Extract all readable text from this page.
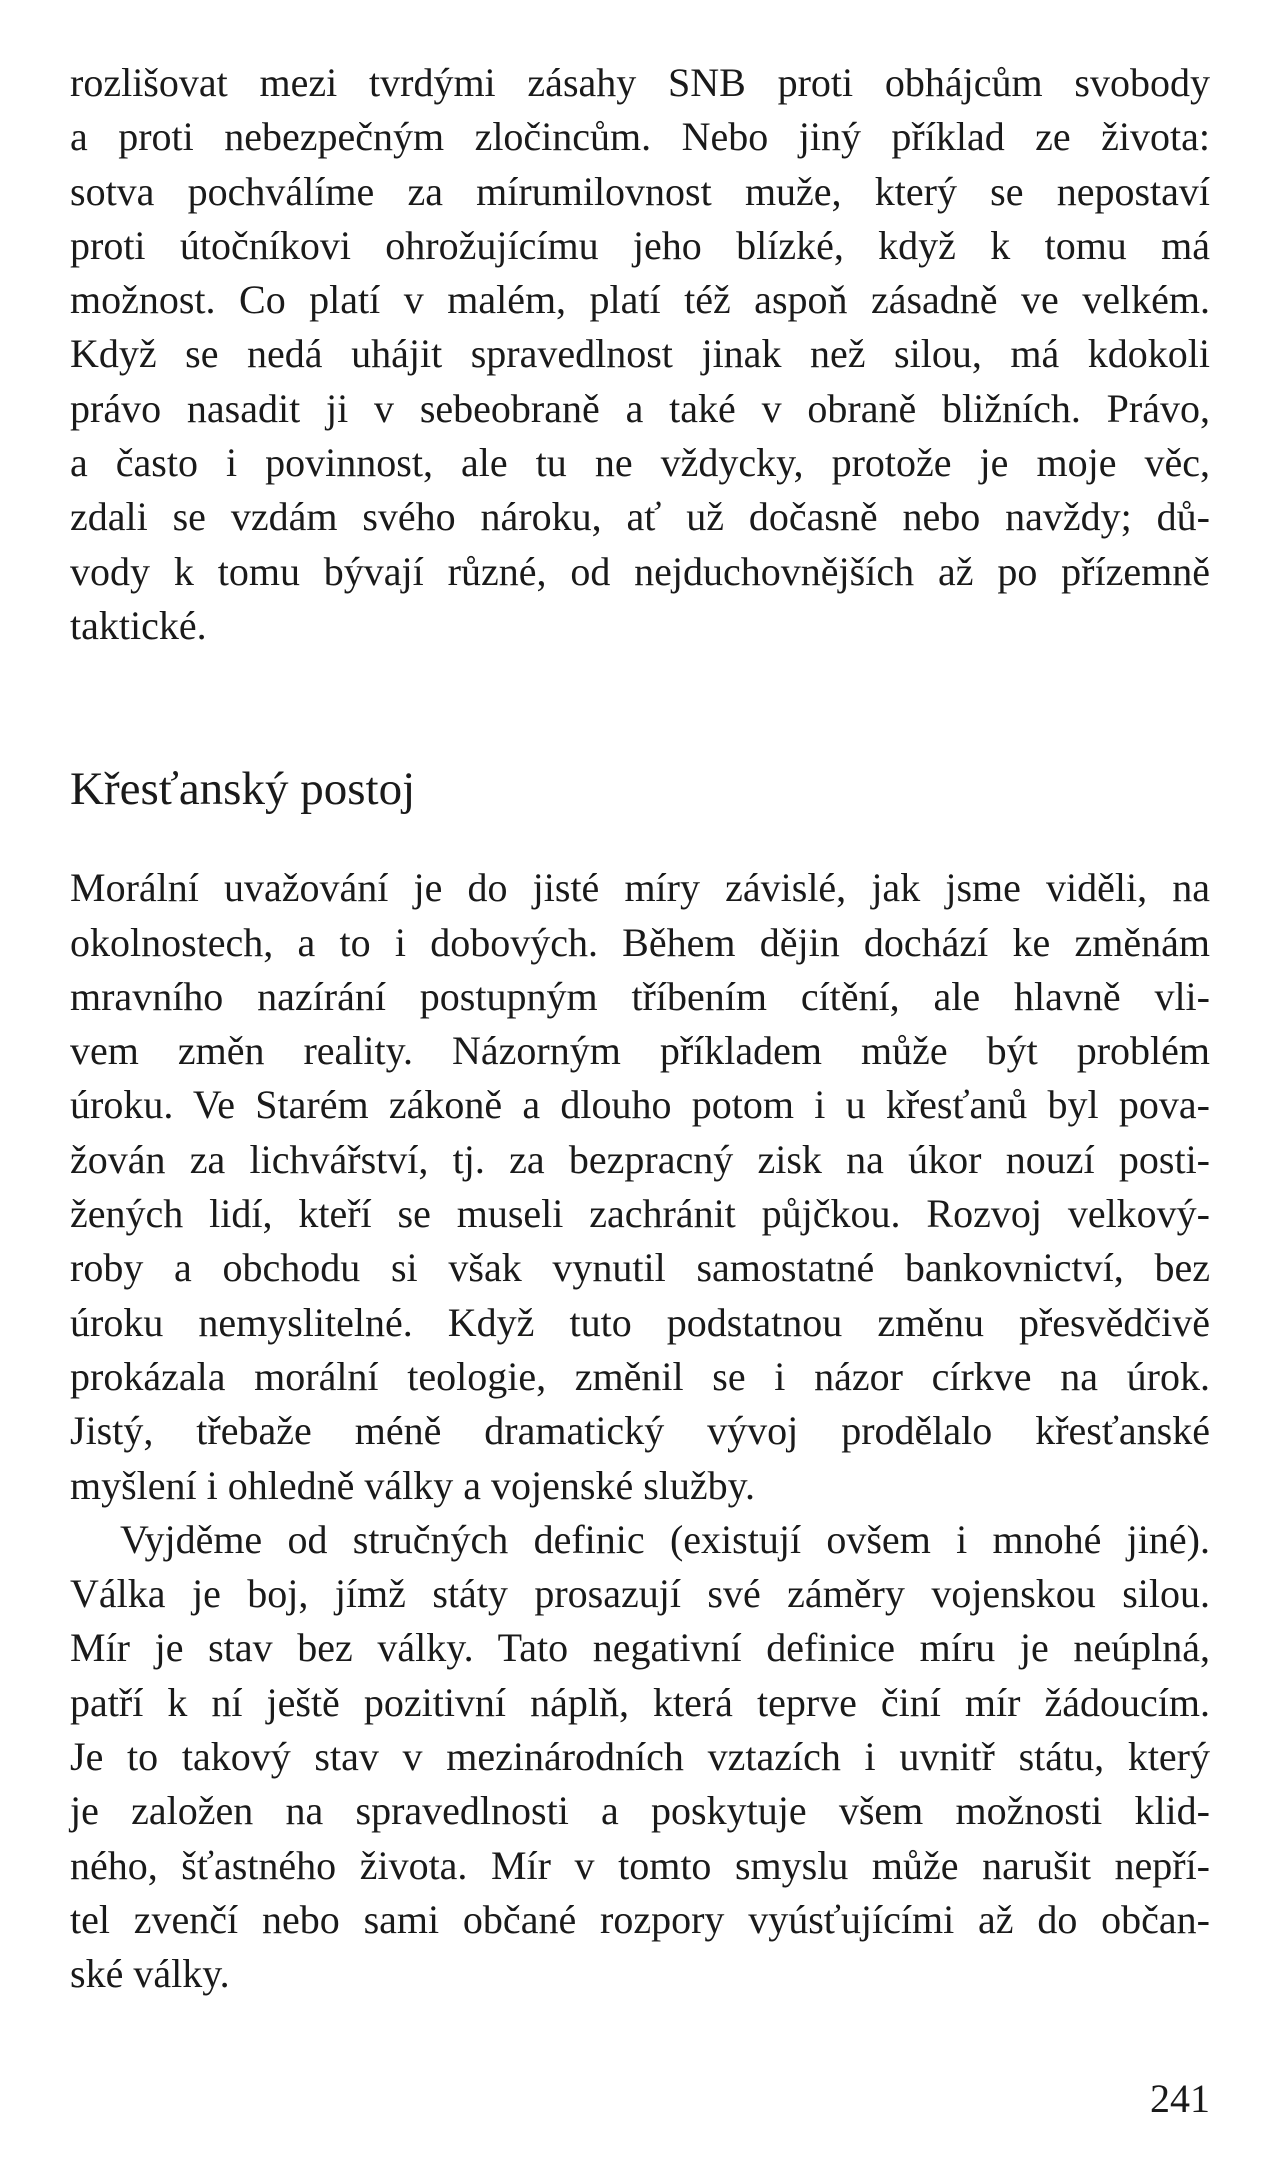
rozlišovat mezi tvrdými zásahy SNB proti obhájcům svobody
a proti nebezpečným zločincům. Nebo jiný příklad ze života:
sotva pochválíme za mírumilovnost muže, který se nepostaví
proti útočníkovi ohrožujícímu jeho blízké, když k tomu má
možnost. Co platí v malém, platí též aspoň zásadně ve velkém.
Když se nedá uhájit spravedlnost jinak než silou, má kdokoli
právo nasadit ji v sebeobraně a také v obraně bližních. Právo,
a často i povinnost, ale tu ne vždycky, protože je moje věc,
zdali se vzdám svého nároku, ať už dočasně nebo navždy; dů-
vody k tomu bývají různé, od nejduchovnějších až po přízemně
taktické.

Křesťanský postoj

Morální uvažování je do jisté míry závislé, jak jsme viděli, na
okolnostech, a to i dobových. Během dějin dochází ke změnám
mravního nazírání postupným tříbením cítění, ale hlavně vli-
vem změn reality. Názorným příkladem může být problém
úroku. Ve Starém zákoně a dlouho potom i u křesťanů byl pova-
žován za lichvářství, tj. za bezpracný zisk na úkor nouzí posti-
žených lidí, kteří se museli zachránit půjčkou. Rozvoj velkový-
roby a obchodu si však vynutil samostatné bankovnictví, bez
úroku nemyslitelné. Když tuto podstatnou změnu přesvědčivě
prokázala morální teologie, změnil se i názor církve na úrok.
Jistý, třebaže méně dramatický vývoj prodělalo křesťanské
myšlení i ohledně války a vojenské služby.

Vyjděme od stručných definic (existují ovšem i mnohé jiné).
Válka je boj, jímž státy prosazují své záměry vojenskou silou.
Mír je stav bez války. Tato negativní definice míru je neúplná,
patří k ní ještě pozitivní náplň, která teprve činí mír žádoucím.
Je to takový stav v mezinárodních vztazích i uvnitř státu, který
je založen na spravedlnosti a poskytuje všem možnosti klid-
ného, šťastného života. Mír v tomto smyslu může narušit nepří-
tel zvenčí nebo sami občané rozpory vyúsťujícími až do občan-
ské války.

241
